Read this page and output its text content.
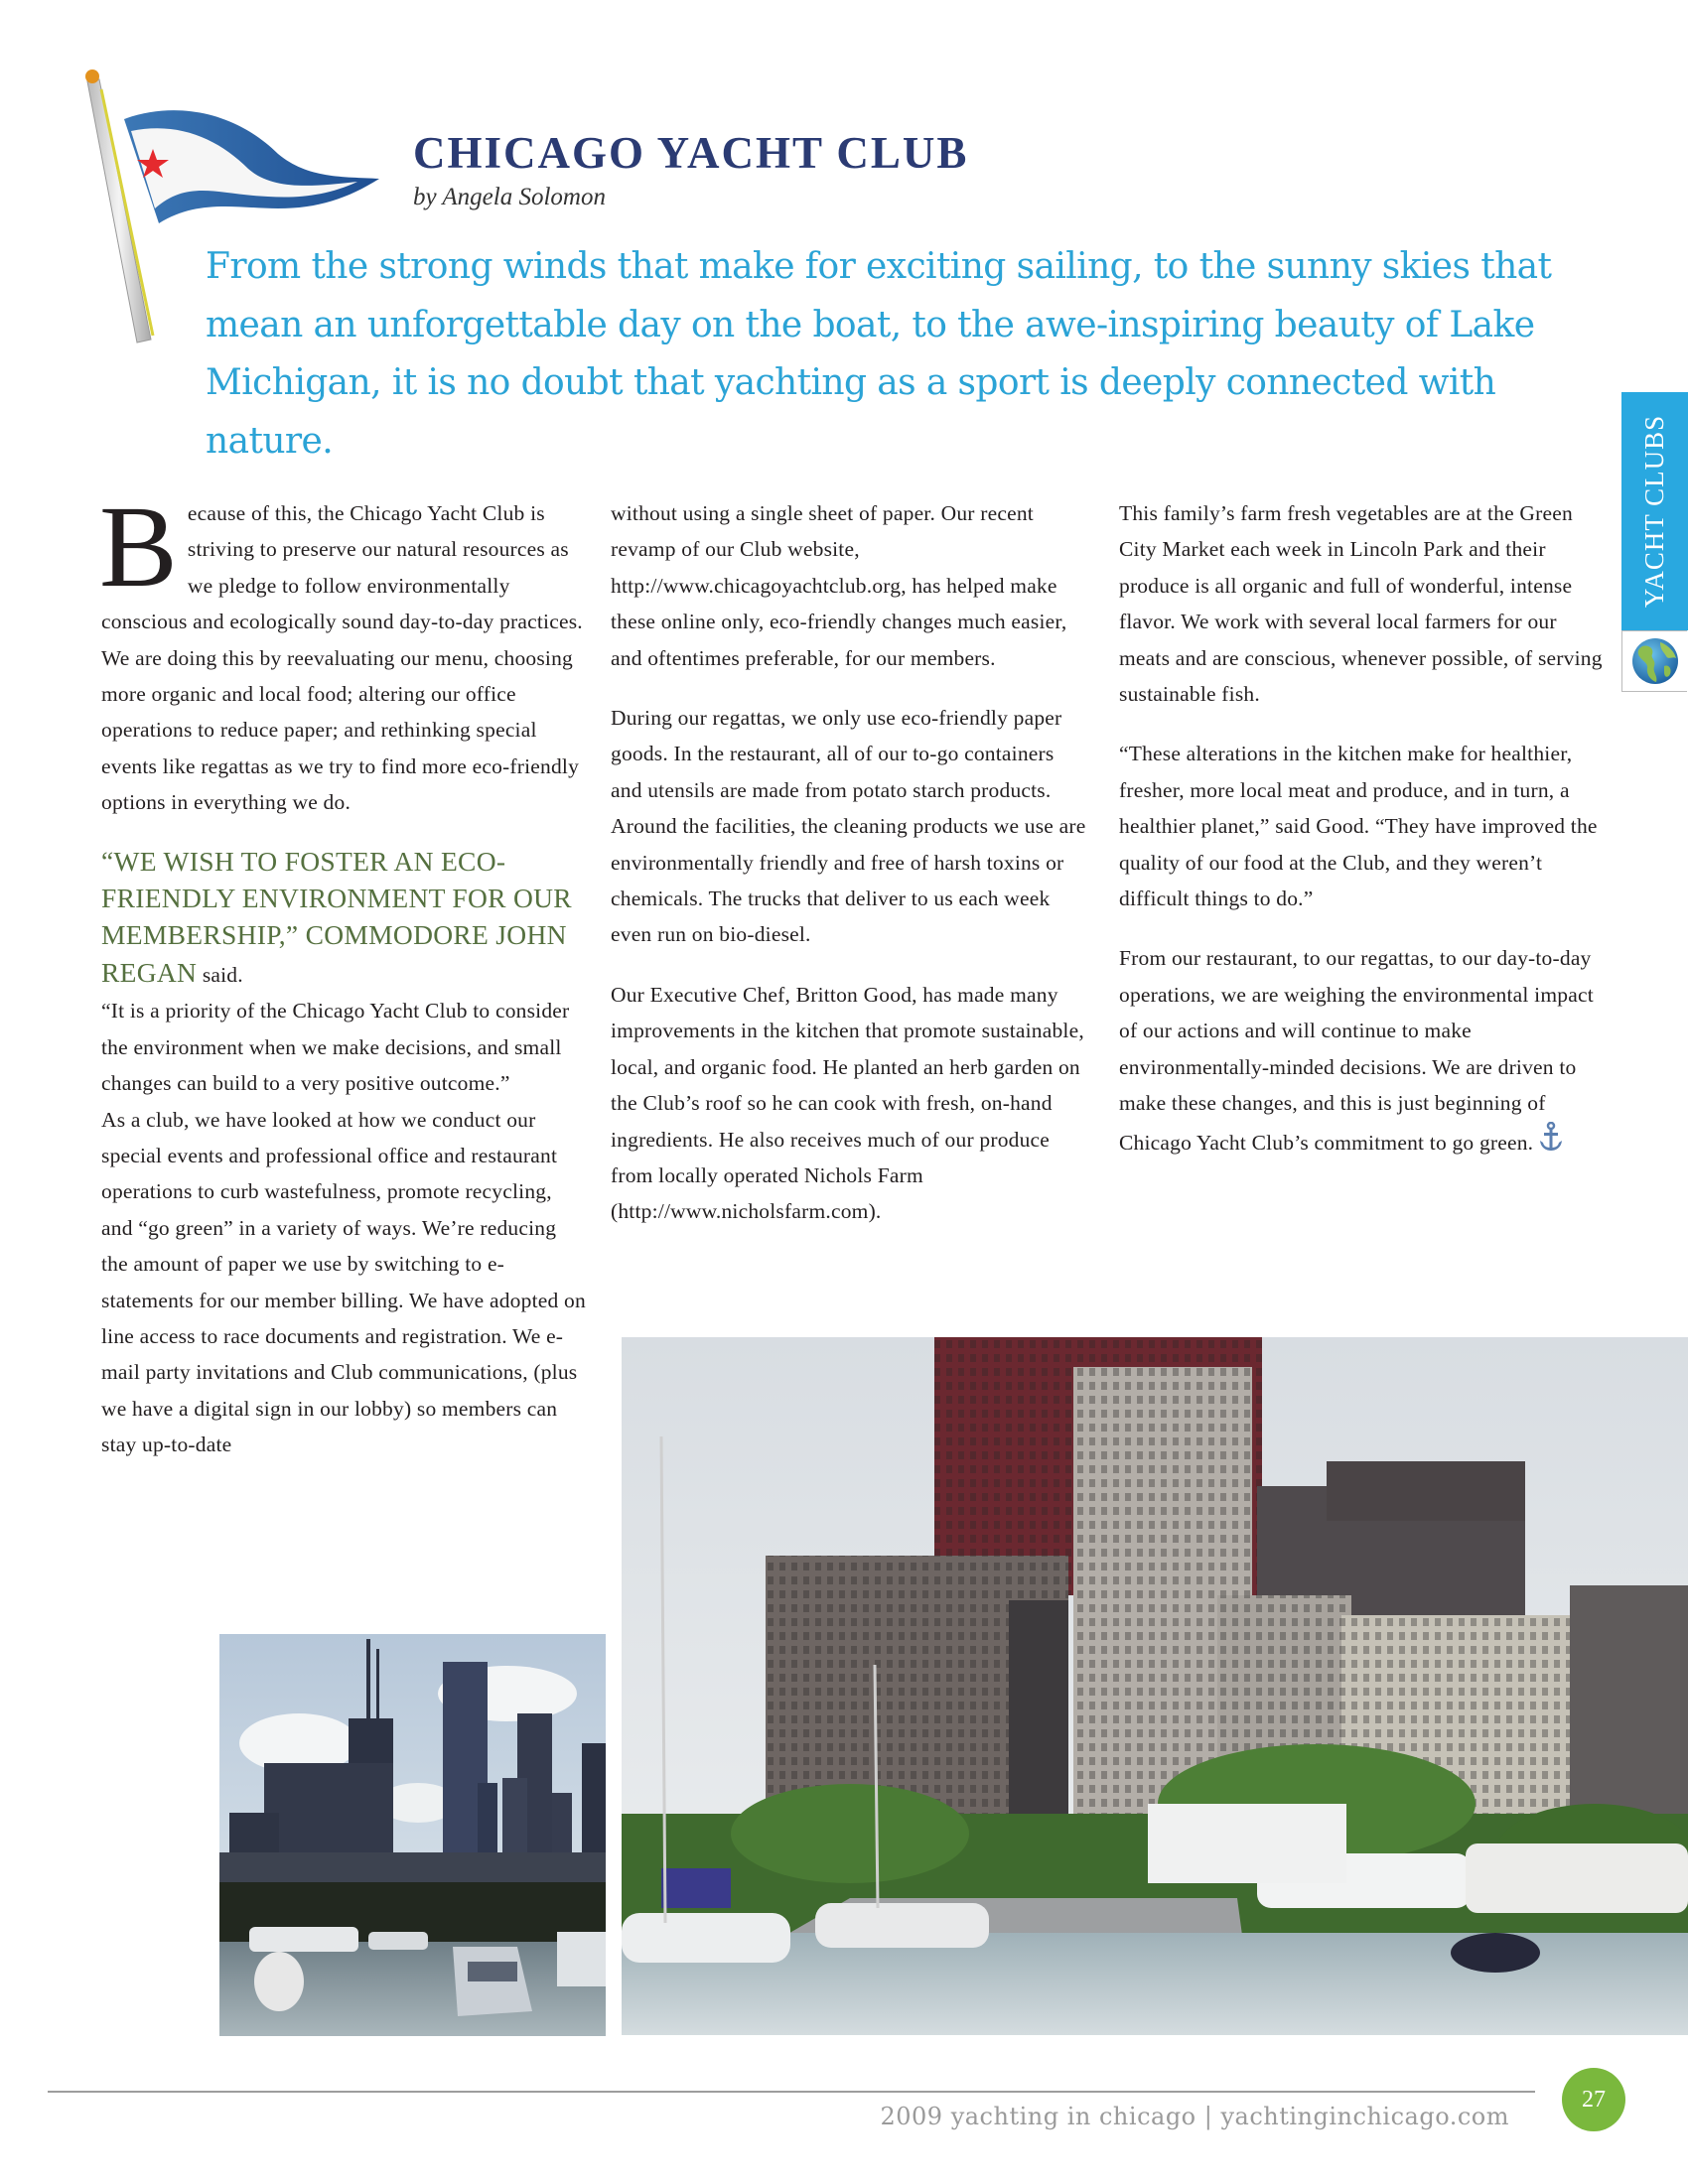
CHICAGO YACHT CLUB
by Angela Solomon

From the strong winds that make for exciting sailing, to the sunny skies that mean an unforgettable day on the boat, to the awe-inspiring beauty of Lake Michigan, it is no doubt that yachting as a sport is deeply connected with nature.	YACHT CLUBS

Because of this, the Chicago Yacht Club is striving to preserve our natural resources as we pledge to follow environmentally conscious and ecologically sound day-to-day practices. We are doing this by reevaluating our menu, choosing more organic and local food; altering our office operations to reduce paper; and rethinking special events like regattas as we try to find more eco-friendly options in everything we do.

“WE WISH TO FOSTER AN ECO-FRIENDLY ENVIRONMENT FOR OUR MEMBERSHIP,” COMMODORE JOHN REGAN said.
“It is a priority of the Chicago Yacht Club to consider the environment when we make decisions, and small changes can build to a very positive outcome.”

As a club, we have looked at how we conduct our special events and professional office and restaurant operations to curb wastefulness, promote recycling, and “go green” in a variety of ways. We’re reducing the amount of paper we use by switching to e-statements for our member billing. We have adopted on line access to race documents and registration. We e-mail party invitations and Club communications, (plus we have a digital sign in our lobby) so members can stay up-to-date

without using a single sheet of paper. Our recent revamp of our Club website, http://www.chicagoyachtclub.org, has helped make these online only, eco-friendly changes much easier, and oftentimes preferable, for our members.

During our regattas, we only use eco-friendly paper goods. In the restaurant, all of our to-go containers and utensils are made from potato starch products. Around the facilities, the cleaning products we use are environmentally friendly and free of harsh toxins or chemicals. The trucks that deliver to us each week even run on bio-diesel.

Our Executive Chef, Britton Good, has made many improvements in the kitchen that promote sustainable, local, and organic food. He planted an herb garden on the Club’s roof so he can cook with fresh, on-hand ingredients. He also receives much of our produce from locally operated Nichols Farm (http://www.nicholsfarm.com).

This family’s farm fresh vegetables are at the Green City Market each week in Lincoln Park and their produce is all organic and full of wonderful, intense flavor. We work with several local farmers for our meats and are conscious, whenever possible, of serving sustainable fish.

“These alterations in the kitchen make for healthier, fresher, more local meat and produce, and in turn, a healthier planet,” said Good. “They have improved the quality of our food at the Club, and they weren’t difficult things to do.”

From our restaurant, to our regattas, to our day-to-day operations, we are weighing the environmental impact of our actions and will continue to make environmentally-minded decisions. We are driven to make these changes, and this is just beginning of Chicago Yacht Club’s commitment to go green.

2009 yachting in chicago | yachtinginchicago.com
27
